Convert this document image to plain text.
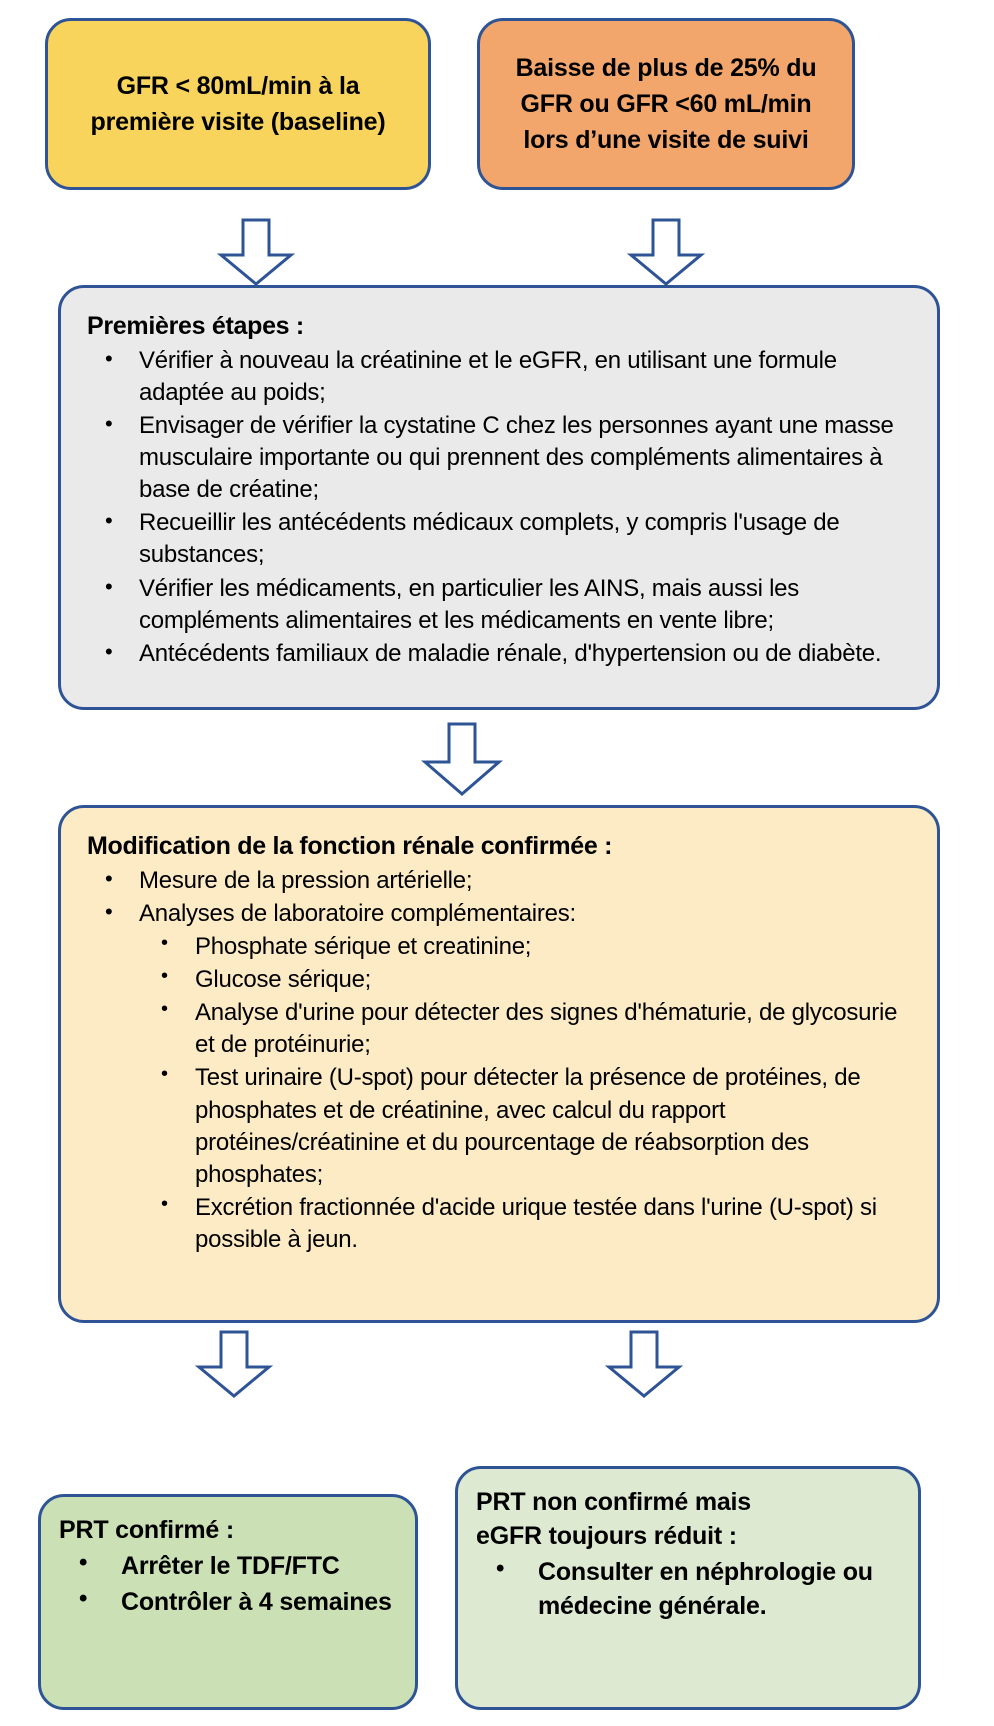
GFR < 80mL/min à la première visite (baseline)
Baisse de plus de 25% du GFR ou GFR <60 mL/min lors d’une visite de suivi
Premières étapes :
• Vérifier à nouveau la créatinine et le eGFR, en utilisant une formule adaptée au poids;
• Envisager de vérifier la cystatine C chez les personnes ayant une masse musculaire importante ou qui prennent des compléments alimentaires à base de créatine;
• Recueillir les antécédents médicaux complets, y compris l'usage de substances;
• Vérifier les médicaments, en particulier les AINS, mais aussi les compléments alimentaires et les médicaments en vente libre;
• Antécédents familiaux de maladie rénale, d'hypertension ou de diabète.
Modification de la fonction rénale confirmée :
• Mesure de la pression artérielle;
• Analyses de laboratoire complémentaires:
• Phosphate sérique et creatinine;
• Glucose sérique;
• Analyse d'urine pour détecter des signes d'hématurie, de glycosurie et de protéinurie;
• Test urinaire (U-spot) pour détecter la présence de protéines, de phosphates et de créatinine, avec calcul du rapport protéines/créatinine et du pourcentage de réabsorption des phosphates;
• Excrétion fractionnée d'acide urique testée dans l'urine (U-spot) si possible à jeun.
PRT confirmé :
• Arrêter le TDF/FTC
• Contrôler à 4 semaines
PRT non confirmé mais
eGFR toujours réduit :
• Consulter en néphrologie ou médecine générale.
